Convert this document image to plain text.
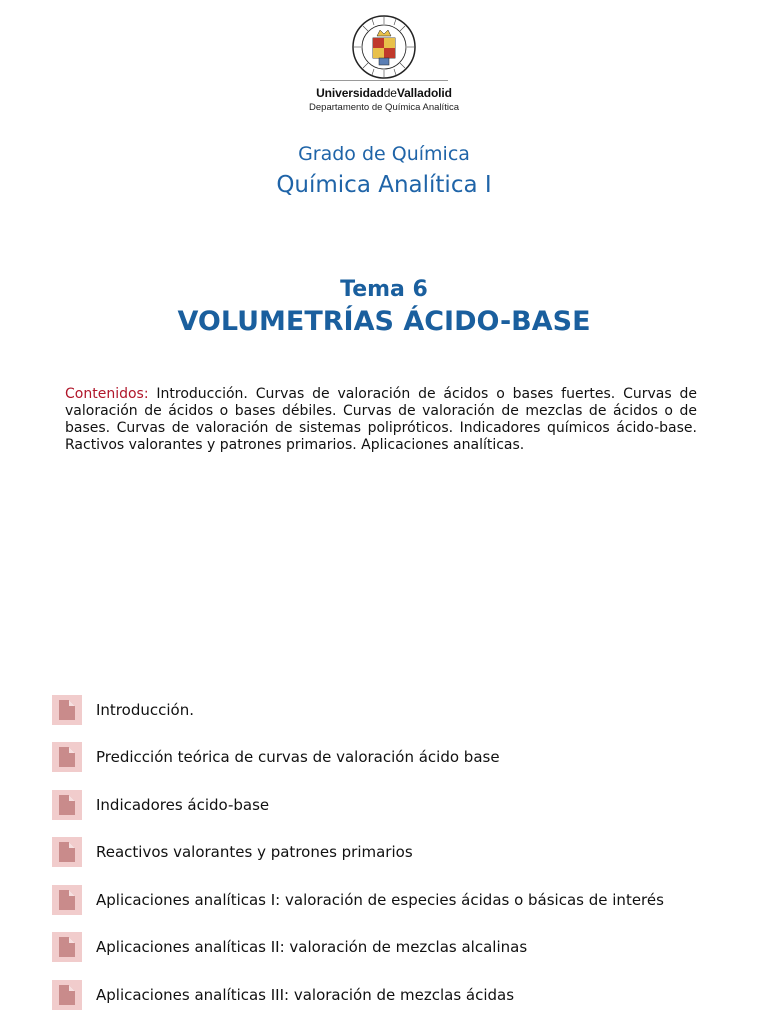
UniversidaddeValladolid
Departamento de Química Analítica
Grado de Química
Química Analítica I
Tema 6
VOLUMETRÍAS ÁCIDO-BASE

Contenidos: Introducción. Curvas de valoración de ácidos o bases fuertes. Curvas de valoración de ácidos o bases débiles. Curvas de valoración de mezclas de ácidos o de bases. Curvas de valoración de sistemas polipróticos. Indicadores químicos ácido-base. Ractivos valorantes y patrones primarios. Aplicaciones analíticas.

Introducción.
Predicción teórica de curvas de valoración ácido base
Indicadores ácido-base
Reactivos valorantes y patrones primarios
Aplicaciones analíticas I: valoración de especies ácidas o básicas de interés
Aplicaciones analíticas II: valoración de mezclas alcalinas
Aplicaciones analíticas III: valoración de mezclas ácidas
